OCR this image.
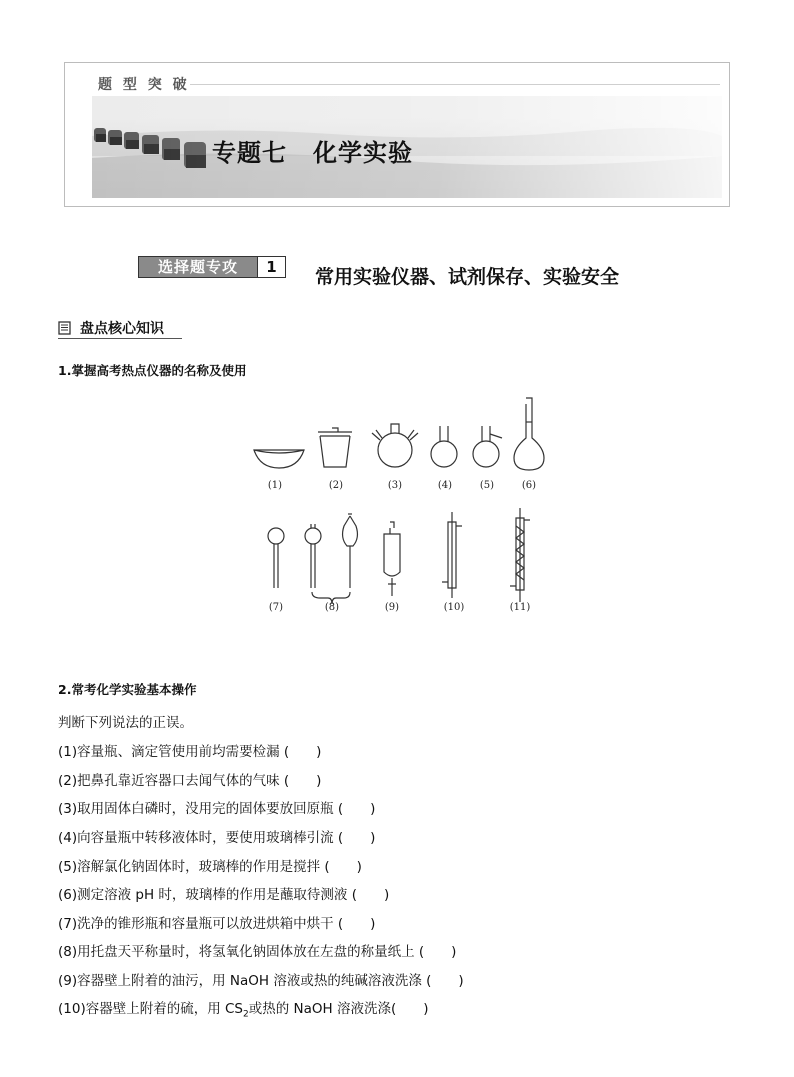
题 型 突 破
专题七 化学实验
选择题专攻	1	常用实验仪器、试剂保存、实验安全
盘点核心知识
1.掌握高考热点仪器的名称及使用
(1)	(2)	(3)	(4)	(5)	(6)
(7)	(8)	(9)	(10)	(11)
2.常考化学实验基本操作
判断下列说法的正误。
(1)容量瓶、滴定管使用前均需要检漏 (　　)
(2)把鼻孔靠近容器口去闻气体的气味 (　　)
(3)取用固体白磷时，没用完的固体要放回原瓶 (　　)
(4)向容量瓶中转移液体时，要使用玻璃棒引流 (　　)
(5)溶解氯化钠固体时，玻璃棒的作用是搅拌 (　　)
(6)测定溶液 pH 时，玻璃棒的作用是蘸取待测液 (　　)
(7)洗净的锥形瓶和容量瓶可以放进烘箱中烘干 (　　)
(8)用托盘天平称量时，将氢氧化钠固体放在左盘的称量纸上 (　　)
(9)容器壁上附着的油污，用 NaOH 溶液或热的纯碱溶液洗涤 (　　)
(10)容器壁上附着的硫，用 $CS_2$或热的 NaOH 溶液洗涤(　　)
